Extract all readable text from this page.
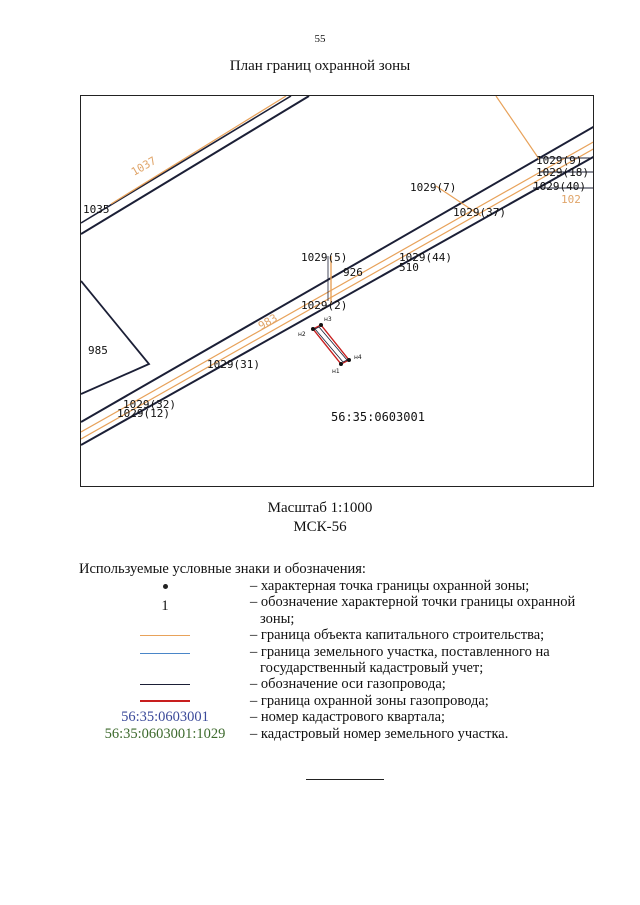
55
План границ охранной зоны
н2
н3
н4
н1
1035
1037
985
983
1029(5)
926
1029(44)
510
1029(2)
1029(7)
1029(37)
1029(9)
1029(18)
1029(40)
102
1029(31)
1029(32)
1029(12)	56:35:0603001
Масштаб 1:1000
МСК-56
Используемые условные знаки и обозначения:
– характерная точка границы охранной зоны;
1	– обозначение характерной точки границы охранной
зоны;
– граница объекта капитального строительства;
– граница земельного участка, поставленного на
государственный кадастровый учет;
– обозначение оси газопровода;
– граница охранной зоны газопровода;
56:35:0603001	– номер кадастрового квартала;
56:35:0603001:1029	– кадастровый номер земельного участка.
